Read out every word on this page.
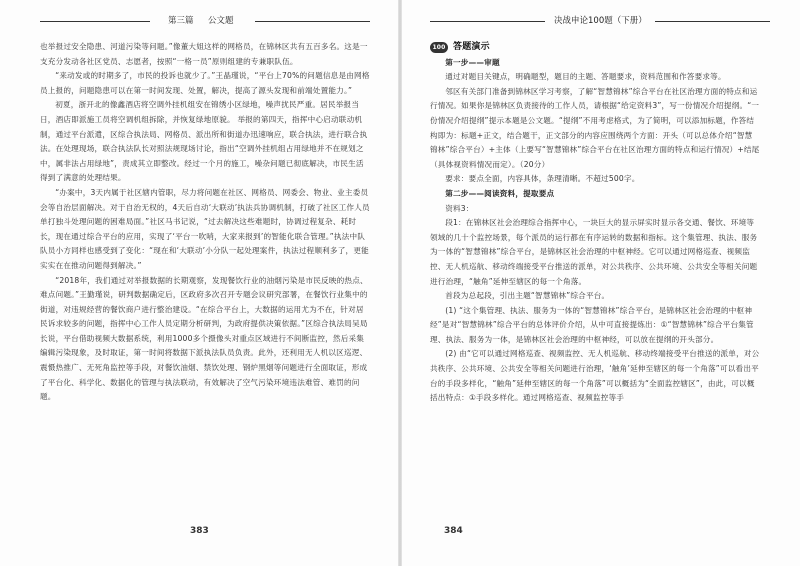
第三篇 公文题

也举报过安全隐患、河道污染等问题。”像董大姐这样的网格员，在锦林区共有五百多名。这是一支充分发动各社区党员、志愿者，按照“一格一员”原则组建的专兼职队伍。

“来动发或的时期多了，市民的投诉也就少了。”王晶瑾说，“平台上70%的问题信息是由网格员上报的，问题隐患可以在第一时间发现、处置，解决，提高了源头发现和前端处置能力。”

初夏，浙开北的像鑫酒店将空调外挂机组安在锦绣小区绿地，噪声扰民严重。居民举报当日，酒店即派施工员将空调机组拆除，并恢复绿地原貌。 举报的第四天，指挥中心启动联动机制，通过平台派遣，区综合执法局、网格员、派出所和街道办迅速响应，联合执法，进行联合执法。在处理现场，联合执法队长对照法规现场讨论，指出“空调外挂机组占用绿地并不在规划之中，属非法占用绿地”，责成其立即整改。经过一个月的施工，噪杂问题已彻底解决，市民生活得到了满意的处理结果。

“办案中，3天内属于社区辖内管职，尽力将问题在社区、网格员、网委会、物业、业主委员会等自治层面解决。对于自治无权的，4天后自动‘大联动’执法兵协调机制，打破了社区工作人员单打独斗处理问题的困难局面。”社区马书记说，“过去解决这些难题时，协调过程复杂、耗时长，现在通过综合平台的应用，实现了‘平台一吹哨，大家来报到’的智能化联合管理。”执法中队队员小方同样也感受到了变化：“现在和‘大联动’小分队一起处理案件，执法过程顺利多了，更能实实在在推动问题得到解决。”

“2018年，我们通过对举报数据的长期观察，发现餐饮行业的油烟污染是市民反映的热点、难点问题。”王勤瑾说，研判数据确定后，区政府多次召开专题会议研究部署，在餐饮行业集中的街道，对违规经营的餐饮商户进行整治建设。“在综合平台上，大数据的运用尤为不在，针对居民诉求较多的问题，指挥中心工作人员定期分析研判，为政府提供决策依据。”区综合执法局吴局长说，平台借助视频大数据系统，利用1000多个摄像头对重点区域进行不间断监控，然后采集编辑污染现象，及时取证，第一时间将数据下派执法队员负责。此外，还利用无人机以区巡逻、震慑热推广、无死角监控等手段，对餐饮油烟、禁饮处理、钢炉黑烟等问题进行全面取证，形成了平台化、科学化、数据化的管理与执法联动，有效解决了空气污染环境违法难管、难罚的问题。

383
决战申论100题（下册）
100 答题演示

第一步——审题

通过对题目关键点，明确题型，题目的主题、答题要求，资料范围和作答要求等。

邻区有关部门准备到锦林区学习考察，了解“智慧锦林”综合平台在社区治理方面的特点和运行情况。如果你是锦林区负责接待的工作人员，请根据“给定资料3”，写一份情况介绍提纲。“一份情况介绍提纲”提示本题是公文题。“提纲”不用考虑格式，为了简明，可以添加标题，作答结构即为：标题+正文，结合题干，正文部分的内容应围绕两个方面：开头（可以总体介绍“智慧锦林”综合平台）+主体（上要写“智慧锦林”综合平台在社区治理方面的特点和运行情况）+结尾（具体视资料情况而定）。（20分）

要求：要点全面，内容具体，条理清晰。不超过500字。

第二步——阅读资料，提取要点

资料3：

段1：在锦林区社会治理综合指挥中心，一块巨大的显示屏实时显示各交通、餐饮、环境等领域的几十个监控场景，每个派员的运行都在有序运转的数据和指标。这个集管理、执法、服务为一体的“智慧锦林”综合平台，是锦林区社会治理的中枢神经。它可以通过网格巡查、视频监控、无人机巡航、移动终端接受平台推送的派单，对公共秩序、公共环境、公共安全等相关问题进行治理，“触角”延伸至辖区的每一个角落。

首段为总起段，引出主题“智慧锦林”综合平台。

(1) “这个集管理、执法、服务为一体的“智慧锦林”综合平台，是锦林区社会治理的中枢神经”是对“智慧锦林”综合平台的总体评价介绍，从中可直接提炼出：①“智慧锦林”综合平台集管理、执法、服务为一体，是锦林区社会治理的中枢神经，可以放在提纲的开头部分。

(2) 由“它可以通过网格巡查、视频监控、无人机巡航、移动终端接受平台推送的派单，对公共秩序、公共环境、公共安全等相关问题进行治理，‘触角’延伸至辖区的每一个角落”可以看出平台的手段多样化，“触角”延伸至辖区的每一个角落”可以概括为“全面监控辖区”，由此，可以概括出特点：①手段多样化。通过网格巡查、视频监控等手

384
